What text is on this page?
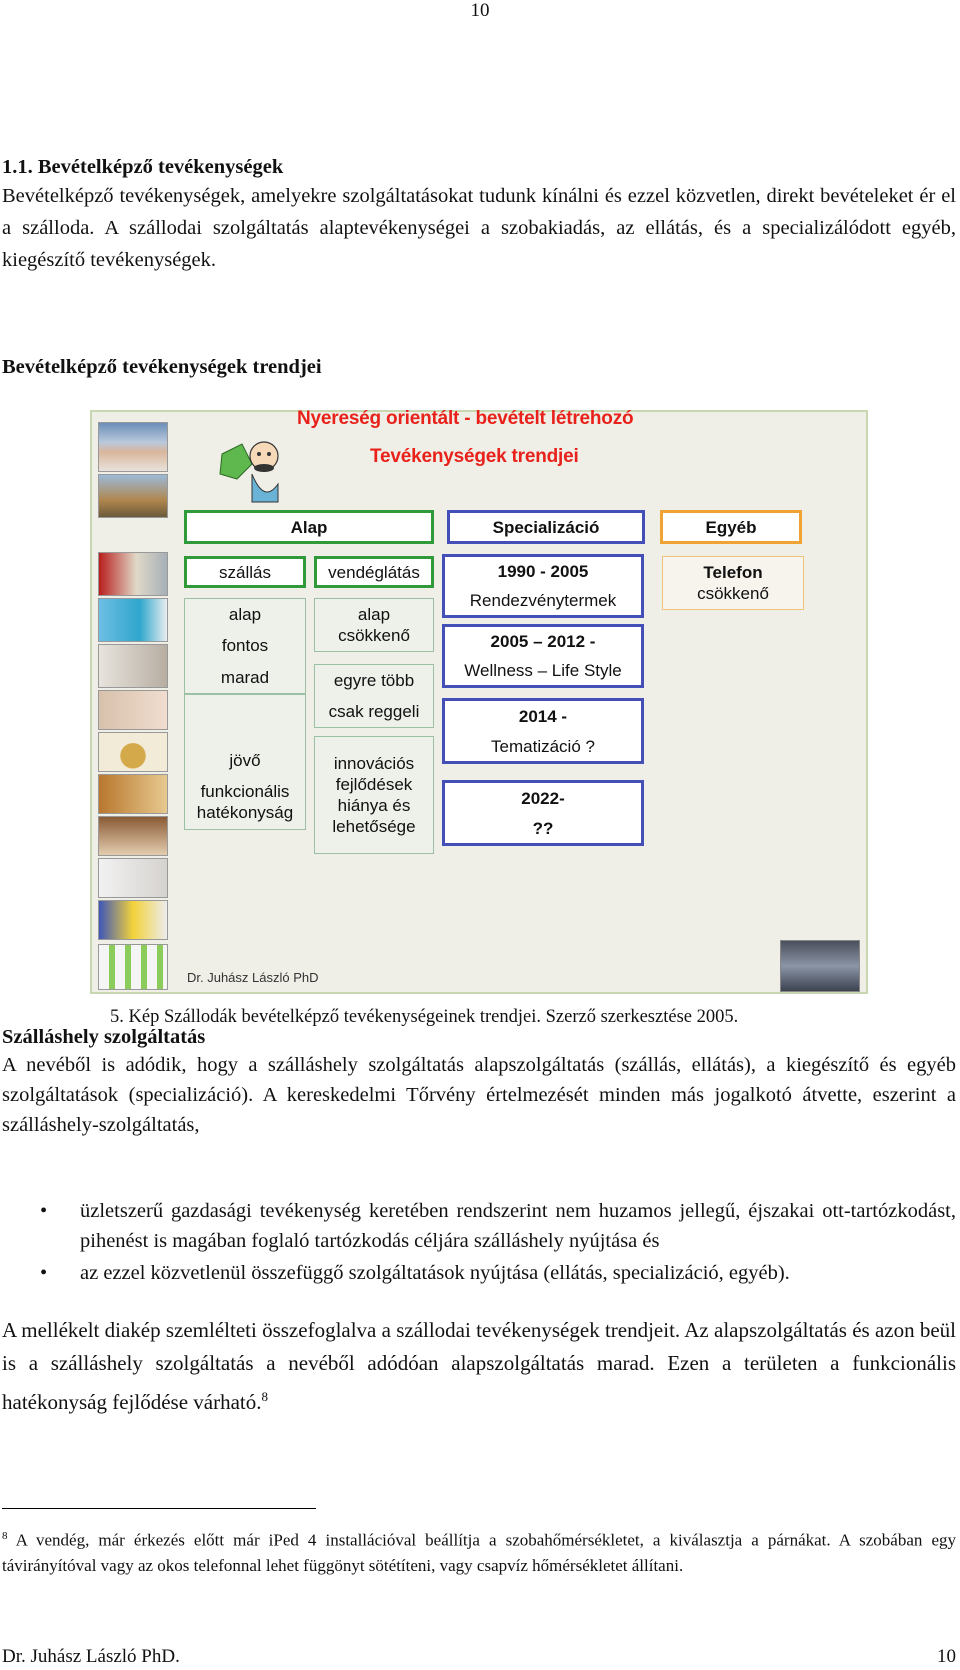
10
1.1. Bevételképző tevékenységek

Bevételképző tevékenységek, amelyekre szolgáltatásokat tudunk kínálni és ezzel közvetlen, direkt bevételeket ér el a szálloda. A szállodai szolgáltatás alaptevékenységei a szobakiadás, az ellátás, és a specializálódott egyéb, kiegészítő tevékenységek.

Bevételképző tevékenységek trendjei
Nyereség orientált - bevételt létrehozó
Tevékenységek trendjei
Alap	Specializáció	Egyéb
szállás	vendéglátás
alap
fontos
marad
jövő
funkcionális
hatékonyság
alap
csökkenő
egyre több
csak reggeli
innovációs
fejlődések
hiánya és
lehetősége
1990 - 2005
Rendezvénytermek
2005 – 2012 -
Wellness – Life Style
2014 -
Tematizáció ?
2022-
??
Telefon
csökkenő
Dr. Juhász László PhD
5. Kép Szállodák bevételképző tevékenységeinek trendjei. Szerző szerkesztése 2005.
Szálláshely szolgáltatás

A nevéből is adódik, hogy a szálláshely szolgáltatás alapszolgáltatás (szállás, ellátás), a kiegészítő és egyéb szolgáltatások (specializáció). A kereskedelmi Tőrvény értelmezését minden más jogalkotó átvette, eszerint a szálláshely-szolgáltatás,

• üzletszerű gazdasági tevékenység keretében rendszerint nem huzamos jellegű, éjszakai ott-tartózkodást, pihenést is magában foglaló tartózkodás céljára szálláshely nyújtása és
• az ezzel közvetlenül összefüggő szolgáltatások nyújtása (ellátás, specializáció, egyéb).

A mellékelt diakép szemlélteti összefoglalva a szállodai tevékenységek trendjeit. Az alapszolgáltatás és azon beül is a szálláshely szolgáltatás a nevéből adódóan alapszolgáltatás marad. Ezen a területen a funkcionális hatékonyság fejlődése várható.$^8$

$^8$ A vendég, már érkezés előtt már iPed 4 installációval beállítja a szobahőmérsékletet, a kiválasztja a párnákat. A szobában egy távirányítóval vagy az okos telefonnal lehet függönyt sötétíteni, vagy csapvíz hőmérsékletet állítani.
Dr. Juhász László PhD.	10
